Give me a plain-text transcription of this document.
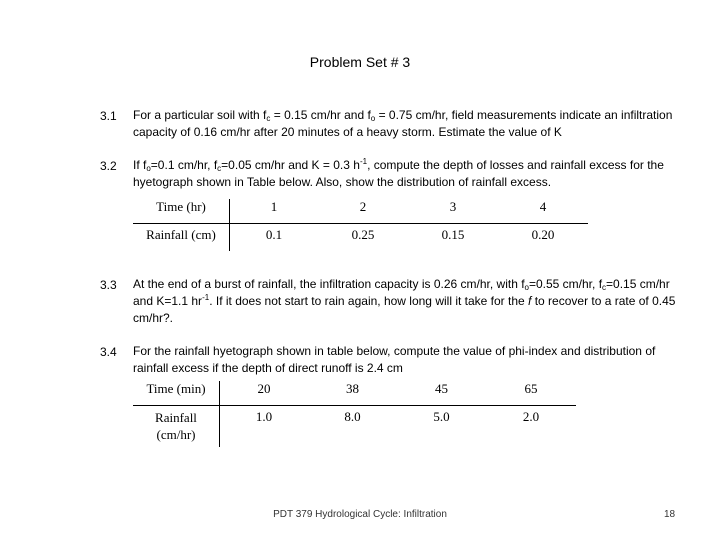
Problem Set # 3
3.1 For a particular soil with $f_c = 0.15$ cm/hr and $f_o = 0.75$ cm/hr, field measurements indicate an infiltration capacity of 0.16 cm/hr after 20 minutes of a heavy storm. Estimate the value of K
3.2 If $f_o=0.1$ cm/hr, $f_c=0.05$ cm/hr and K = 0.3 $h^{-1}$, compute the depth of losses and rainfall excess for the hyetograph shown in Table below. Also, show the distribution of rainfall excess.
Time (hr)	1	2	3	4
Rainfall (cm)	0.1	0.25	0.15	0.20
3.3 At the end of a burst of rainfall, the infiltration capacity is 0.26 cm/hr, with $f_o=0.55$ cm/hr, $f_c=0.15$ cm/hr and K=1.1 $hr^{-1}$. If it does not start to rain again, how long will it take for the f to recover to a rate of 0.45 cm/hr?.
3.4 For the rainfall hyetograph shown in table below, compute the value of phi-index and distribution of rainfall excess if the depth of direct runoff is 2.4 cm
Time (min)	20	38	45	65
Rainfall
(cm/hr)	1.0	8.0	5.0	2.0
PDT 379 Hydrological Cycle: Infiltration	18
